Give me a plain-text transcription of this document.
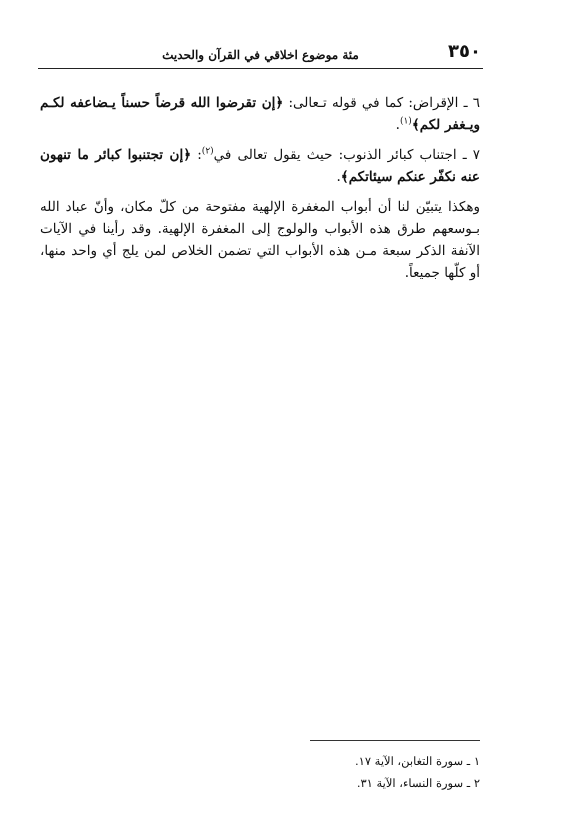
٣٥٠
مئة موضوع اخلاقي في القرآن والحديث

٦ ـ الإقراض: كما في قوله تـعالى: ﴿إن تقرضوا الله قرضاً حسناً يـضاعفه لكـم ويـغفر لكم﴾$^{(١)}$.

٧ ـ اجتناب كبائر الذنوب: حيث يقول تعالى في$^{(٢)}$: ﴿إن تجتنبوا كبائر ما تنهون عنه نكفّر عنكم سيئاتكم﴾.

وهكذا يتبيّن لنا أن أبواب المغفرة الإلهية مفتوحة من كلّ مكان، وأنّ عباد الله بـوسعهم طرق هذه الأبواب والولوج إلى المغفرة الإلهية. وقد رأينا في الآيات الآنفة الذكر سبعة مـن هذه الأبواب التي تضمن الخلاص لمن يلج أي واحد منها، أو كلّها جميعاً.

١ ـ سورة التغابن، الآية ١٧.
٢ ـ سورة النساء، الآية ٣١.
